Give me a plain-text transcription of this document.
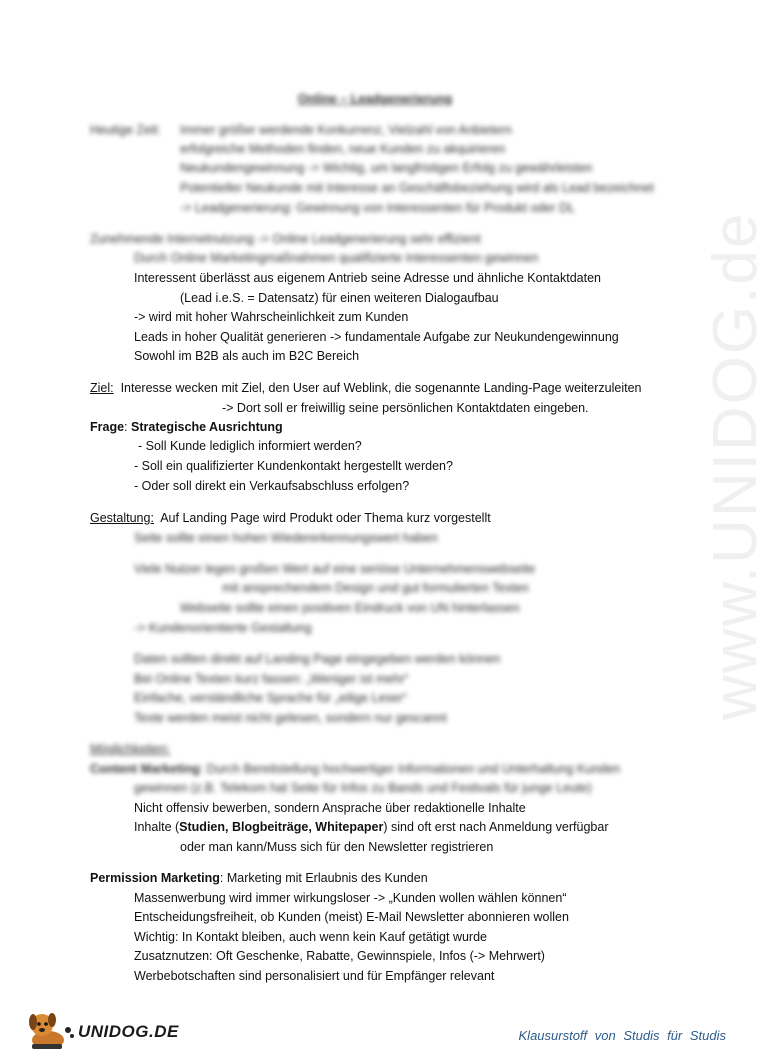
www.UNIDOG.de
Online – Leadgenerierung
Heutige Zeit: Immer größer werdende Konkurrenz, Vielzahl von Anbietern
erfolgreiche Methoden finden, neue Kunden zu akquirieren
Neukundengewinnung -> Wichtig, um langfristigen Erfolg zu gewährleisten
Potentieller Neukunde mit Interesse an Geschäftsbeziehung wird als Lead bezeichnet
-> Leadgenerierung: Gewinnung von Interessenten für Produkt oder DL
Zunehmende Internetnutzung -> Online Leadgenerierung sehr effizient
Durch Online Marketingmaßnahmen qualifizierte Interessenten gewinnen
Interessent überlässt aus eigenem Antrieb seine Adresse und ähnliche Kontaktdaten
(Lead i.e.S. = Datensatz) für einen weiteren Dialogaufbau
-> wird mit hoher Wahrscheinlichkeit zum Kunden
Leads in hoher Qualität generieren -> fundamentale Aufgabe zur Neukundengewinnung
Sowohl im B2B als auch im B2C Bereich
Ziel: Interesse wecken mit Ziel, den User auf Weblink, die sogenannte Landing-Page weiterzuleiten
-> Dort soll er freiwillig seine persönlichen Kontaktdaten eingeben.
Frage: Strategische Ausrichtung
- Soll Kunde lediglich informiert werden?
- Soll ein qualifizierter Kundenkontakt hergestellt werden?
- Oder soll direkt ein Verkaufsabschluss erfolgen?
Gestaltung: Auf Landing Page wird Produkt oder Thema kurz vorgestellt
Seite sollte einen hohen Wiedererkennungswert haben
Viele Nutzer legen großen Wert auf eine seriöse Unternehmenswebseite
mit ansprechendem Design und gut formulierten Texten
Webseite sollte einen positiven Eindruck von UN hinterlassen
-> Kundenorientierte Gestaltung
Daten sollten direkt auf Landing Page eingegeben werden können
Bei Online Texten kurz fassen: „Weniger ist mehr“
Einfache, verständliche Sprache für „eilige Leser“
Texte werden meist nicht gelesen, sondern nur gescannt
Möglichkeiten:
Content Marketing: Durch Bereitstellung hochwertiger Informationen und Unterhaltung Kunden
gewinnen (z.B. Telekom hat Seite für Infos zu Bands und Festivals für junge Leute)
Nicht offensiv bewerben, sondern Ansprache über redaktionelle Inhalte
Inhalte (Studien, Blogbeiträge, Whitepaper) sind oft erst nach Anmeldung verfügbar
oder man kann/Muss sich für den Newsletter registrieren
Permission Marketing: Marketing mit Erlaubnis des Kunden
Massenwerbung wird immer wirkungsloser -> „Kunden wollen wählen können“
Entscheidungsfreiheit, ob Kunden (meist) E-Mail Newsletter abonnieren wollen
Wichtig: In Kontakt bleiben, auch wenn kein Kauf getätigt wurde
Zusatznutzen: Oft Geschenke, Rabatte, Gewinnspiele, Infos (-> Mehrwert)
Werbebotschaften sind personalisiert und für Empfänger relevant
UNIDOG.DE	Klausurstoff von Studis für Studis
